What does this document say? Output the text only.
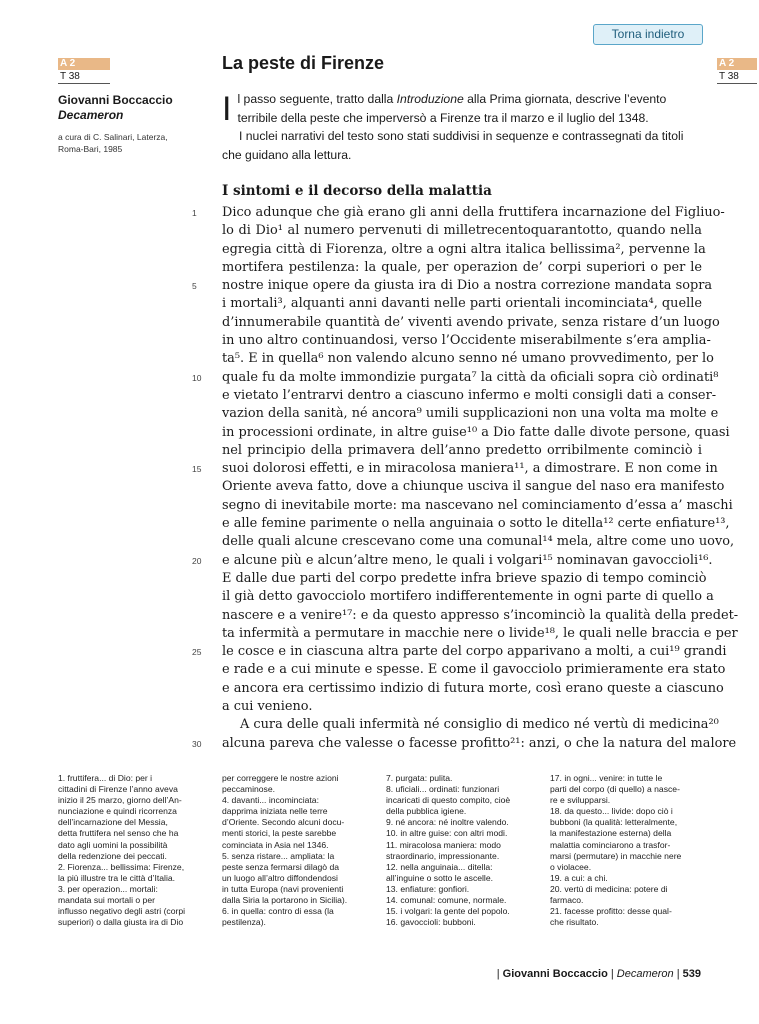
Torna indietro
A 2
T 38
A 2
T 38
La peste di Firenze
Giovanni Boccaccio
Decameron
a cura di C. Salinari, Laterza,
Roma-Bari, 1985

Il passo seguente, tratto dalla Introduzione alla Prima giornata, descrive l’evento terribile della peste che imperversò a Firenze tra il marzo e il luglio del 1348.

I nuclei narrativi del testo sono stati suddivisi in sequenze e contrassegnati da titoli che guidano alla lettura.

I sintomi e il decorso della malattia
1
1	Dico adunque che già erano gli anni della fruttifera incarnazione del Figliuo-
lo di Dio¹ al numero pervenuti di milletrecentoquarantotto, quando nella
egregia città di Fiorenza, oltre a ogni altra italica bellissima², pervenne la
mortifera pestilenza: la quale, per operazion de’ corpi superiori o per le
5	nostre inique opere da giusta ira di Dio a nostra correzione mandata sopra
i mortali³, alquanti anni davanti nelle parti orientali incominciata⁴, quelle
d’innumerabile quantità de’ viventi avendo private, senza ristare d’un luogo
in uno altro continuandosi, verso l’Occidente miserabilmente s’era amplia-
ta⁵. E in quella⁶ non valendo alcuno senno né umano provvedimento, per lo
10	quale fu da molte immondizie purgata⁷ la città da oficiali sopra ciò ordinati⁸
e vietato l’entrarvi dentro a ciascuno infermo e molti consigli dati a conser-
vazion della sanità, né ancora⁹ umili supplicazioni non una volta ma molte e
in processioni ordinate, in altre guise¹⁰ a Dio fatte dalle divote persone, quasi
nel principio della primavera dell’anno predetto orribilmente cominciò i
15	suoi dolorosi effetti, e in miracolosa maniera¹¹, a dimostrare. E non come in
Oriente aveva fatto, dove a chiunque usciva il sangue del naso era manifesto
segno di inevitabile morte: ma nascevano nel cominciamento d’essa a’ maschi
e alle femine parimente o nella anguinaia o sotto le ditella¹² certe enfiature¹³,
delle quali alcune crescevano come una comunal¹⁴ mela, altre come uno uovo,
20	e alcune più e alcun’altre meno, le quali i volgari¹⁵ nominavan gavoccioli¹⁶.
E dalle due parti del corpo predette infra brieve spazio di tempo cominciò
il già detto gavocciolo mortifero indifferentemente in ogni parte di quello a
nascere e a venire¹⁷: e da questo appresso s’incominciò la qualità della predet-
ta infermità a permutare in macchie nere o livide¹⁸, le quali nelle braccia e per
25	le cosce e in ciascuna altra parte del corpo apparivano a molti, a cui¹⁹ grandi
e rade e a cui minute e spesse. E come il gavocciolo primieramente era stato
e ancora era certissimo indizio di futura morte, così erano queste a ciascuno
a cui venieno.
A cura delle quali infermità né consiglio di medico né vertù di medicina²⁰
30	alcuna pareva che valesse o facesse profitto²¹: anzi, o che la natura del malore
1. fruttifera... di Dio: per i
cittadini di Firenze l’anno aveva
inizio il 25 marzo, giorno dell’An-
nunciazione e quindi ricorrenza
dell’incarnazione del Messia,
detta fruttifera nel senso che ha
dato agli uomini la possibilità
della redenzione dei peccati.
2. Fiorenza... bellissima: Firenze,
la più illustre tra le città d’Italia.
3. per operazion... mortali:
mandata sui mortali o per
influsso negativo degli astri (corpi
superiori) o dalla giusta ira di Dio
per correggere le nostre azioni
peccaminose.
4. davanti... incominciata:
dapprima iniziata nelle terre
d’Oriente. Secondo alcuni docu-
menti storici, la peste sarebbe
cominciata in Asia nel 1346.
5. senza ristare... ampliata: la
peste senza fermarsi dilagò da
un luogo all’altro diffondendosi
in tutta Europa (navi provenienti
dalla Siria la portarono in Sicilia).
6. in quella: contro di essa (la
pestilenza).
7. purgata: pulita.
8. uficiali... ordinati: funzionari
incaricati di questo compito, cioè
della pubblica igiene.
9. né ancora: né inoltre valendo.
10. in altre guise: con altri modi.
11. miracolosa maniera: modo
straordinario, impressionante.
12. nella anguinaia... ditella:
all’inguine o sotto le ascelle.
13. enfiature: gonfiori.
14. comunal: comune, normale.
15. i volgari: la gente del popolo.
16. gavoccioli: bubboni.
17. in ogni... venire: in tutte le
parti del corpo (di quello) a nasce-
re e svilupparsi.
18. da questo... livide: dopo ciò i
bubboni (la qualità: letteralmente,
la manifestazione esterna) della
malattia cominciarono a trasfor-
marsi (permutare) in macchie nere
o violacee.
19. a cui: a chi.
20. vertù di medicina: potere di
farmaco.
21. facesse profitto: desse qual-
che risultato.
| Giovanni Boccaccio | Decameron | 539
